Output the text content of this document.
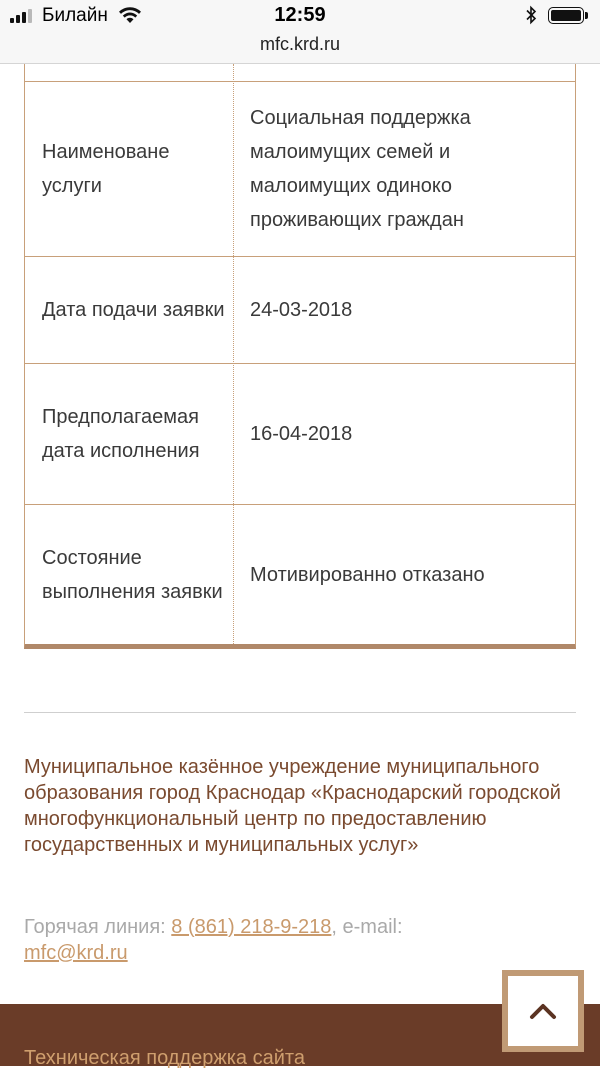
Билайн	12:59
mfc.krd.ru
Наименоване услуги
Социальная поддержка малоимущих семей и малоимущих одиноко проживающих граждан
Дата подачи заявки	24-03-2018
Предполагаемая дата исполнения
16-04-2018
Состояние выполнения заявки
Мотивированно отказано
Муниципальное казённое учреждение муниципального образования город Краснодар «Краснодарский городской многофункциональный центр по предоставлению государственных и муниципальных услуг»
Горячая линия: 8 (861) 218-9-218, e-mail: mfc@krd.ru
Техническая поддержка сайта
